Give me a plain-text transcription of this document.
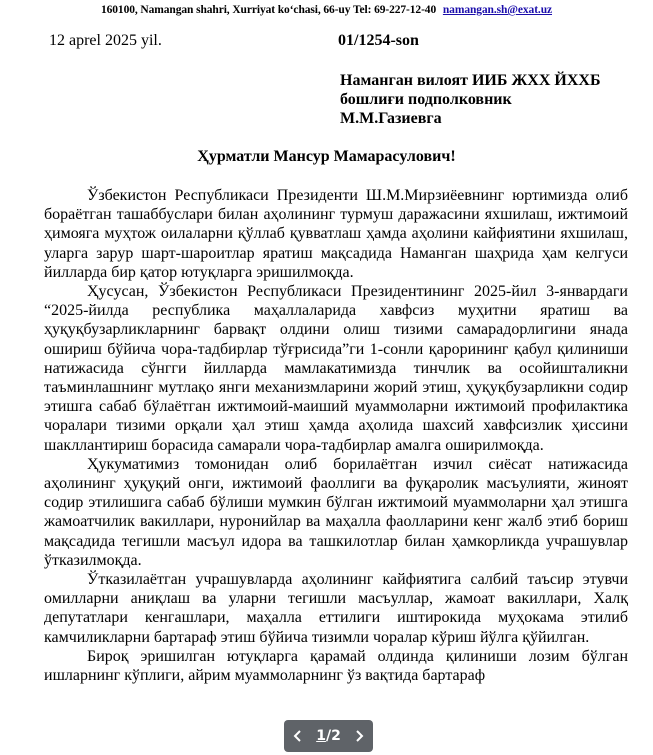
160100, Namangan shahri, Xurriyat ko‘chasi, 66-uy Tel: 69-227-12-40 namangan.sh@exat.uz
12 aprel 2025 yil.	01/1254-son
Наманган вилоят ИИБ ЖХХ ЙХХБ
бошлиғи подполковник
М.М.Газиевга
Ҳурматли Мансур Мамарасулович!

Ўзбекистон Республикаси Президенти Ш.М.Мирзиёевнинг юртимизда олиб бораётган ташаббуслари билан аҳолининг турмуш даражасини яхшилаш, ижтимоий ҳимояга муҳтож оилаларни қўллаб қувватлаш ҳамда аҳолини кайфиятини яхшилаш, уларга зарур шарт-шароитлар яратиш мақсадида Наманган шаҳрида ҳам келгуси йилларда бир қатор ютуқларга эришилмоқда.

Ҳусусан, Ўзбекистон Республикаси Президентининг 2025-йил 3-январдаги “2025-йилда республика маҳаллаларида хавфсиз муҳитни яратиш ва ҳуқуқбузарликларнинг барвақт олдини олиш тизими самарадорлигини янада ошириш бўйича чора-тадбирлар тўғрисида”ги 1-сонли қарорининг қабул қилиниши натижасида сўнгги йилларда мамлакатимизда тинчлик ва осойишталикни таъминлашнинг мутлақо янги механизмларини жорий этиш, ҳуқуқбузарликни содир этишга сабаб бўлаётган ижтимоий-маиший муаммоларни ижтимоий профилактика чоралари тизими орқали ҳал этиш ҳамда аҳолида шахсий хавфсизлик ҳиссини шакллантириш борасида самарали чора-тадбирлар амалга оширилмоқда.

Ҳукуматимиз томонидан олиб борилаётган изчил сиёсат натижасида аҳолининг ҳуқуқий онги, ижтимоий фаоллиги ва фуқаролик масъулияти, жиноят содир этилишига сабаб бўлиши мумкин бўлган ижтимоий муаммоларни ҳал этишга жамоатчилик вакиллари, нуронийлар ва маҳалла фаолларини кенг жалб этиб бориш мақсадида тегишли масъул идора ва ташкилотлар билан ҳамкорликда учрашувлар ўтказилмоқда.

Ўтказилаётган учрашувларда аҳолининг кайфиятига салбий таъсир этувчи омилларни аниқлаш ва уларни тегишли масъуллар, жамоат вакиллари, Халқ депутатлари кенгашлари, маҳалла еттилиги иштирокида муҳокама этилиб камчиликларни бартараф этиш бўйича тизимли чоралар кўриш йўлга қўйилган.

Бироқ эришилган ютуқларга қарамай олдинда қилиниши лозим бўлган ишларнинг кўплиги, айрим муаммоларнинг ўз вақтида бартараф

1/2
